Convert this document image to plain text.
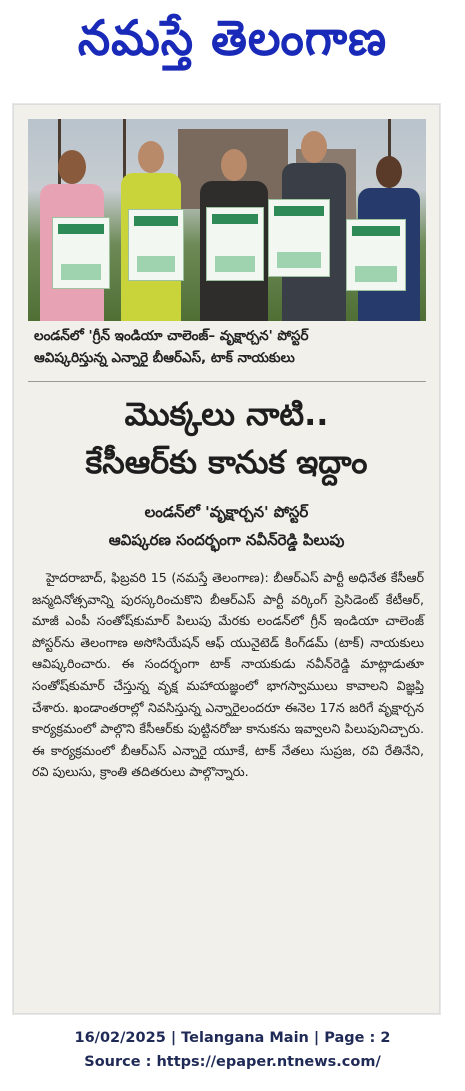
నమస్తే తెలంగాణ
లండన్‌లో 'గ్రీన్ ఇండియా చాలెంజ్– వృక్షార్చన' పోస్టర్
ఆవిష్కరిస్తున్న ఎన్నారై బీఆర్ఎస్, టాక్ నాయకులు
మొక్కలు నాటి..
కేసీఆర్‌కు కానుక ఇద్దాం
లండన్‌లో 'వృక్షార్చన' పోస్టర్
ఆవిష్కరణ సందర్భంగా నవీన్‌రెడ్డి పిలుపు

హైదరాబాద్, ఫిబ్రవరి 15 (నమస్తే తెలంగాణ): బీఆర్ఎస్ పార్టీ అధినేత కేసీఆర్ జన్మదినోత్సవాన్ని పురస్కరించుకొని బీఆర్ఎస్ పార్టీ వర్కింగ్ ప్రెసిడెంట్ కేటీఆర్, మాజీ ఎంపీ సంతోష్‌కుమార్ పిలుపు మేరకు లండన్‌లో గ్రీన్ ఇండియా చాలెంజ్ పోస్టర్‌ను తెలంగాణ అసోసియేషన్ ఆఫ్ యునైటెడ్ కింగ్‌డమ్ (టాక్) నాయకులు ఆవిష్కరించారు. ఈ సందర్భంగా టాక్ నాయకుడు నవీన్‌రెడ్డి మాట్లాడుతూ సంతోష్‌కుమార్ చేస్తున్న వృక్ష మహాయజ్ఞంలో భాగస్వాములు కావాలని విజ్ఞప్తి చేశారు. ఖండాంతరాల్లో నివసిస్తున్న ఎన్నారైలందరూ ఈనెల 17న జరిగే వృక్షార్చన కార్యక్రమంలో పాల్గొని కేసీఆర్‌కు పుట్టినరోజు కానుకను ఇవ్వాలని పిలుపునిచ్చారు. ఈ కార్యక్రమంలో బీఆర్ఎస్ ఎన్నారై యూకే, టాక్ నేతలు సుప్రజ, రవి రేతినేని, రవి పులుసు, క్రాంతి తదితరులు పాల్గొన్నారు.

16/02/2025 | Telangana Main | Page : 2
Source : https://epaper.ntnews.com/
